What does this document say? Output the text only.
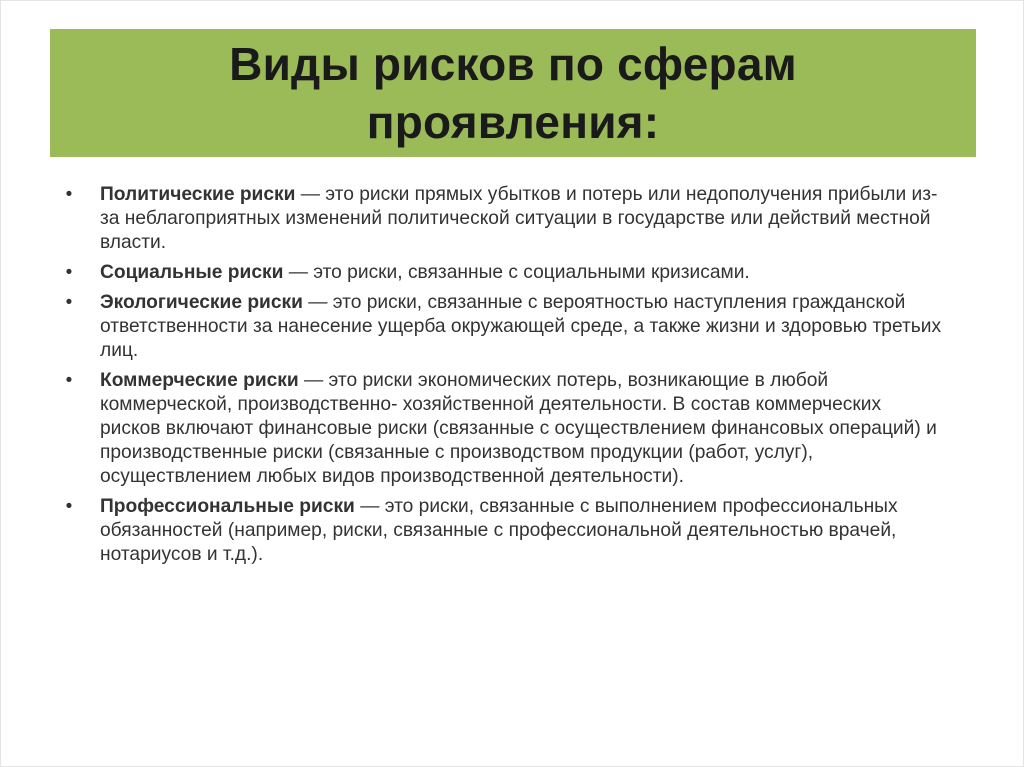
Виды рисков по сферам проявления:
• Политические риски — это риски прямых убытков и потерь или недополучения прибыли из-за неблагоприятных изменений политической ситуации в государстве или действий местной власти.
• Социальные риски — это риски, связанные с социальными кризисами.
• Экологические риски — это риски, связанные с вероятностью наступления гражданской ответственности за нанесение ущерба окружающей среде, а также жизни и здоровью третьих лиц.
• Коммерческие риски — это риски экономических потерь, возникающие в любой коммерческой, производственно- хозяйственной деятельности. В состав коммерческих рисков включают финансовые риски (связанные с осуществлением финансовых операций) и производственные риски (связанные с производством продукции (работ, услуг), осуществлением любых видов производственной деятельности).
• Профессиональные риски — это риски, связанные с выполнением профессиональных обязанностей (например, риски, связанные с профессиональной деятельностью врачей, нотариусов и т.д.).
